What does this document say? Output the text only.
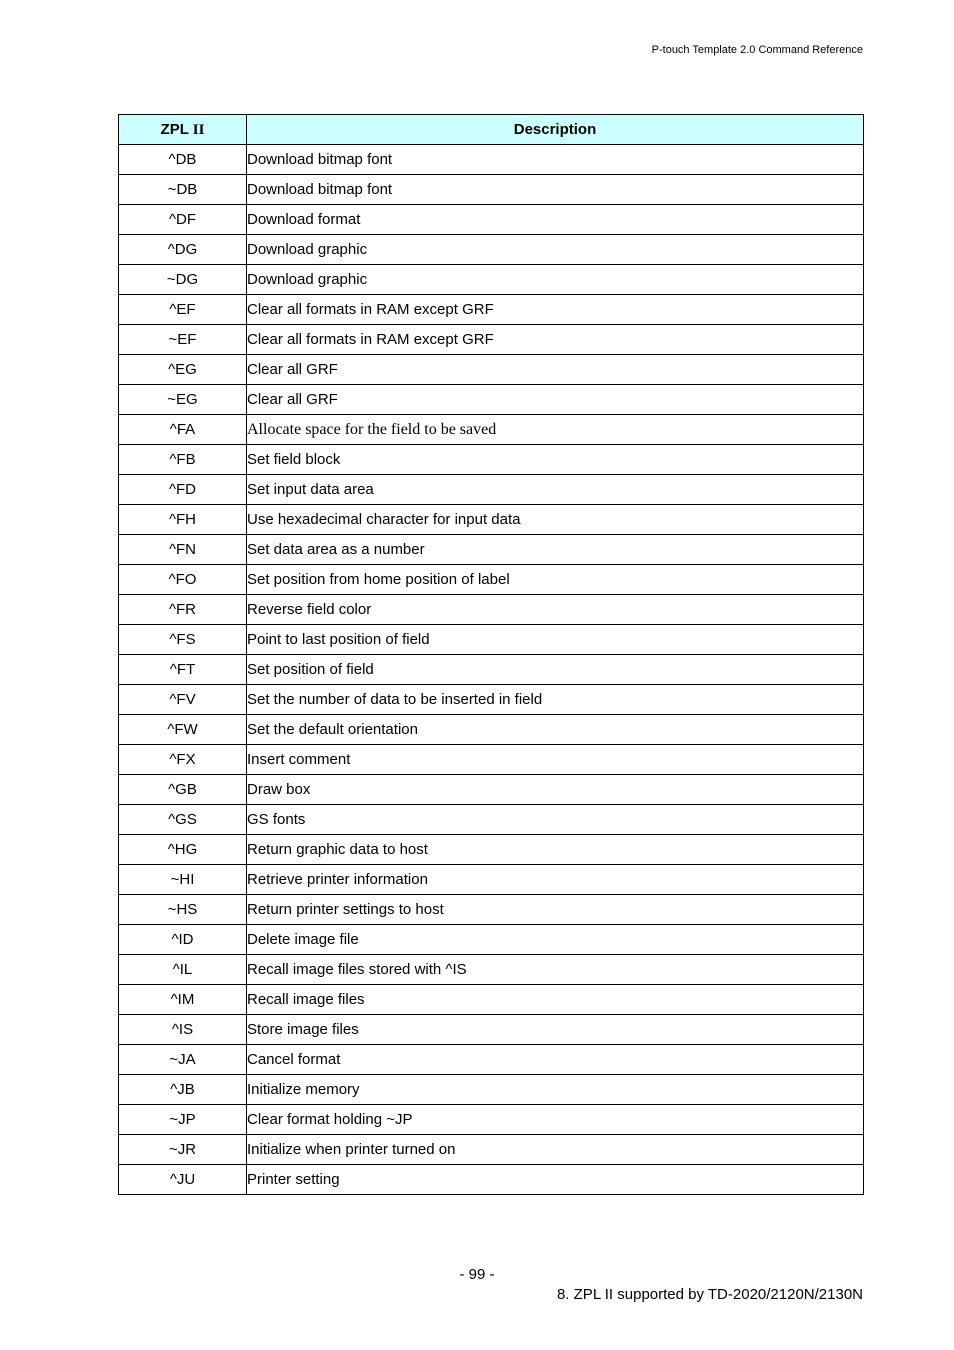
P-touch Template 2.0 Command Reference
ZPL II	Description
^DB	Download bitmap font
~DB	Download bitmap font
^DF	Download format
^DG	Download graphic
~DG	Download graphic
^EF	Clear all formats in RAM except GRF
~EF	Clear all formats in RAM except GRF
^EG	Clear all GRF
~EG	Clear all GRF
^FA	Allocate space for the field to be saved
^FB	Set field block
^FD	Set input data area
^FH	Use hexadecimal character for input data
^FN	Set data area as a number
^FO	Set position from home position of label
^FR	Reverse field color
^FS	Point to last position of field
^FT	Set position of field
^FV	Set the number of data to be inserted in field
^FW	Set the default orientation
^FX	Insert comment
^GB	Draw box
^GS	GS fonts
^HG	Return graphic data to host
~HI	Retrieve printer information
~HS	Return printer settings to host
^ID	Delete image file
^IL	Recall image files stored with ^IS
^IM	Recall image files
^IS	Store image files
~JA	Cancel format
^JB	Initialize memory
~JP	Clear format holding ~JP
~JR	Initialize when printer turned on
^JU	Printer setting
- 99 -
8. ZPL II supported by TD-2020/2120N/2130N
